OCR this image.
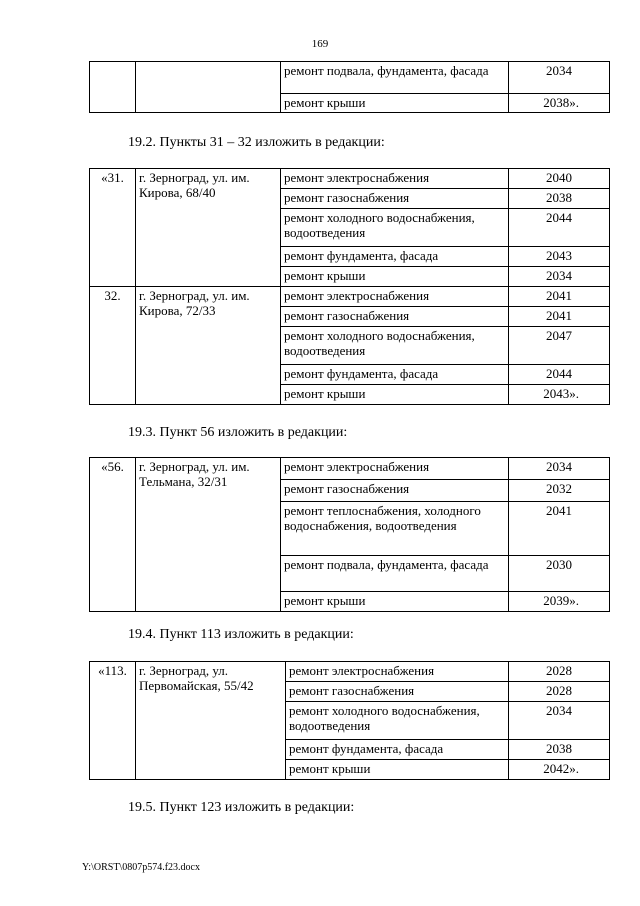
169
		ремонт подвала, фундамента, фасада	2034
		ремонт крыши	2038».
19.2. Пункты 31 – 32 изложить в редакции:
«31.	г. Зерноград, ул. им. Кирова, 68/40	ремонт электроснабжения	2040
		ремонт газоснабжения	2038
		ремонт холодного водоснабжения, водоотведения	2044
		ремонт фундамента, фасада	2043
		ремонт крыши	2034
32.	г. Зерноград, ул. им. Кирова, 72/33	ремонт электроснабжения	2041
		ремонт газоснабжения	2041
		ремонт холодного водоснабжения, водоотведения	2047
		ремонт фундамента, фасада	2044
		ремонт крыши	2043».
19.3. Пункт 56 изложить в редакции:
«56.	г. Зерноград, ул. им. Тельмана, 32/31	ремонт электроснабжения	2034
		ремонт газоснабжения	2032
		ремонт теплоснабжения, холодного водоснабжения, водоотведения	2041
		ремонт подвала, фундамента, фасада	2030
		ремонт крыши	2039».
19.4. Пункт 113 изложить в редакции:
«113.	г. Зерноград, ул. Первомайская, 55/42	ремонт электроснабжения	2028
		ремонт газоснабжения	2028
		ремонт холодного водоснабжения, водоотведения	2034
		ремонт фундамента, фасада	2038
		ремонт крыши	2042».
19.5. Пункт 123 изложить в редакции:
Y:\ORST\0807p574.f23.docx
